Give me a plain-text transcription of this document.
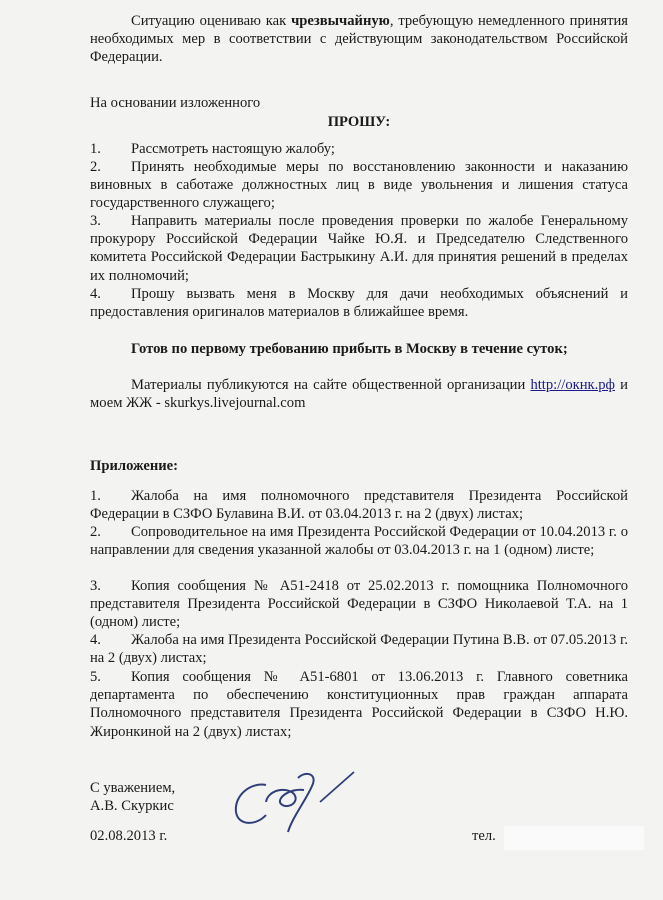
Ситуацию оцениваю как чрезвычайную, требующую немедленного принятия необходимых мер в соответствии с действующим законодательством Российской Федерации.

На основании изложенного

ПРОШУ:

1. Рассмотреть настоящую жалобу;

2. Принять необходимые меры по восстановлению законности и наказанию виновных в саботаже должностных лиц в виде увольнения и лишения статуса государственного служащего;

3. Направить материалы после проведения проверки по жалобе Генеральному прокурору Российской Федерации Чайке Ю.Я. и Председателю Следственного комитета Российской Федерации Бастрыкину А.И. для принятия решений в пределах их полномочий;

4. Прошу вызвать меня в Москву для дачи необходимых объяснений и предоставления оригиналов материалов в ближайшее время.

Готов по первому требованию прибыть в Москву в течение суток;

Материалы публикуются на сайте общественной организации http://окнк.рф и моем ЖЖ - skurkys.livejournal.com

Приложение:

1. Жалоба на имя полномочного представителя Президента Российской Федерации в СЗФО Булавина В.И. от 03.04.2013 г. на 2 (двух) листах;

2. Сопроводительное на имя Президента Российской Федерации от 10.04.2013 г. о направлении для сведения указанной жалобы от 03.04.2013 г. на 1 (одном) листе;

3. Копия сообщения № А51-2418 от 25.02.2013 г. помощника Полномочного представителя Президента Российской Федерации в СЗФО Николаевой Т.А. на 1 (одном) листе;

4. Жалоба на имя Президента Российской Федерации Путина В.В. от 07.05.2013 г. на 2 (двух) листах;

5. Копия сообщения № А51-6801 от 13.06.2013 г. Главного советника департамента по обеспечению конституционных прав граждан аппарата Полномочного представителя Президента Российской Федерации в СЗФО Н.Ю. Жиронкиной на 2 (двух) листах;

С уважением,
А.В. Скуркис
02.08.2013 г.	тел.
